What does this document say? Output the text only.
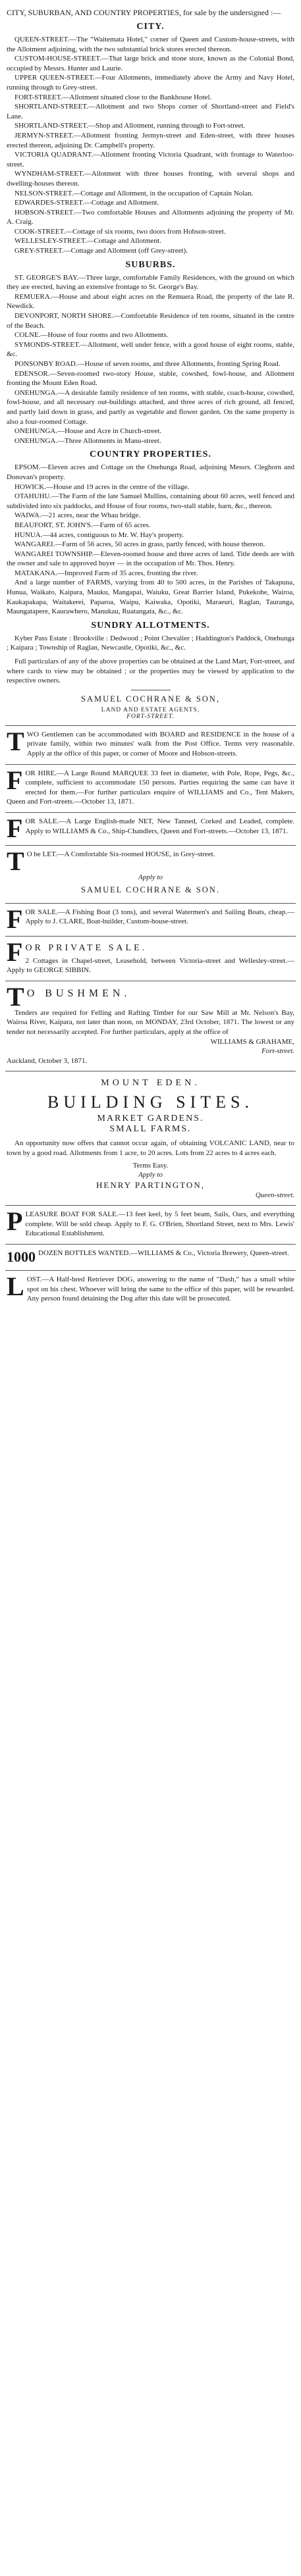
CITY, SUBURBAN, AND COUNTRY PROPERTIES, for sale by the undersigned :—

CITY.

QUEEN-STREET.—The "Waitemata Hotel," corner of Queen and Custom-house-streets, with the Allotment adjoining, with the two substantial brick stores erected thereon.

CUSTOM-HOUSE-STREET.—That large brick and stone store, known as the Colonial Bond, occupied by Messrs. Hunter and Laurie.

UPPER QUEEN-STREET.—Four Allotments, immediately above the Army and Navy Hotel, running through to Grey-street.

FORT-STREET.—Allotment situated close to the Bankhouse Hotel.

SHORTLAND-STREET.—Allotment and two Shops corner of Shortland-street and Field's Lane.

SHORTLAND-STREET.—Shop and Allotment, running through to Fort-street.

JERMYN-STREET.—Allotment fronting Jermyn-street and Eden-street, with three houses erected thereon, adjoining Dr. Campbell's property.

VICTORIA QUADRANT.—Allotment fronting Victoria Quadrant, with frontage to Waterloo-street.

WYNDHAM-STREET.—Allotment with three houses fronting, with several shops and dwelling-houses thereon.

NELSON-STREET.—Cottage and Allotment, in the occupation of Captain Nolan.

EDWARDES-STREET.—Cottage and Allotment.

HOBSON-STREET.—Two comfortable Houses and Allotments adjoining the property of Mr. A. Craig.

COOK-STREET.—Cottage of six rooms, two doors from Hobson-street.

WELLESLEY-STREET.—Cottage and Allotment.

GREY-STREET.—Cottage and Allotment (off Grey-street).

SUBURBS.

ST. GEORGE'S BAY.—Three large, comfortable Family Residences, with the ground on which they are erected, having an extensive frontage to St. George's Bay.

REMUERA.—House and about eight acres on the Remuera Road, the property of the late R. Newdick.

DEVONPORT, NORTH SHORE.—Comfortable Residence of ten rooms, situated in the centre of the Beach.

COLNE.—House of four rooms and two Allotments.

SYMONDS-STREET.—Allotment, well under fence, with a good house of eight rooms, stable, &c.

PONSONBY ROAD.—House of seven rooms, and three Allotments, fronting Spring Road.

EDENSOR.—Seven-roomed two-story House, stable, cowshed, fowl-house, and Allotment fronting the Mount Eden Road.

ONEHUNGA.—A desirable family residence of ten rooms, with stable, coach-house, cowshed, fowl-house, and all necessary out-buildings attached, and three acres of rich ground, all fenced, and partly laid down in grass, and partly as vegetable and flower garden. On the same property is also a four-roomed Cottage.

ONEHUNGA.—House and Acre in Church-street.

ONEHUNGA.—Three Allotments in Manu-street.

COUNTRY PROPERTIES.

EPSOM.—Eleven acres and Cottage on the Onehunga Road, adjoining Messrs. Cleghorn and Donovan's property.

HOWICK.—House and 19 acres in the centre of the village.

OTAHUHU.—The Farm of the late Samuel Mullins, containing about 60 acres, well fenced and subdivided into six paddocks, and House of four rooms, two-stall stable, barn, &c., thereon.

WAIWA.—21 acres, near the Whau bridge.

BEAUFORT, ST. JOHN'S.—Farm of 65 acres.

HUNUA.—44 acres, contiguous to Mr. W. Hay's property.

WANGAREI.—Farm of 56 acres, 50 acres in grass, partly fenced, with house thereon.

WANGAREI TOWNSHIP.—Eleven-roomed house and three acres of land. Title deeds are with the owner and sale to approved buyer — in the occupation of Mr. Thos. Henry.

MATAKANA.—Improved Farm of 35 acres, fronting the river.

And a large number of FARMS, varying from 40 to 500 acres, in the Parishes of Takapuna, Hunua, Waikato, Kaipara, Mauku, Mangapai, Waiuku, Great Barrier Island, Pukekohe, Wairoa, Kaukapakapa, Waitakerei, Paparoa, Waipu, Kaiwaka, Opotiki, Maraeuri, Raglan, Tauranga, Maungatapere, Kaurawhero, Manukau, Ruatangata, &c., &c.

SUNDRY ALLOTMENTS.

Kyber Pass Estate : Brookville : Dedwood ; Point Chevalier ; Haddington's Paddock, Onehunga ; Kaipara ; Township of Raglan, Newcastle, Opotiki, &c., &c.

Full particulars of any of the above properties can be obtained at the Land Mart, Fort-street, and where cards to view may be obtained ; or the properties may be viewed by application to the respective owners.

SAMUEL COCHRANE & SON,
LAND AND ESTATE AGENTS,
FORT-STREET.
T WO Gentlemen can be accommodated with BOARD and RESIDENCE in the house of a private family, within two minutes' walk from the Post Office. Terms very reasonable. Apply at the office of this paper, or corner of Moore and Hobson-streets.

F OR HIRE.—A Large Round MARQUEE 33 feet in diameter, with Pole, Rope, Pegs, &c., complete, sufficient to accommodate 150 persons. Parties requiring the same can have it erected for them.—For further particulars enquire of WILLIAMS and Co., Tent Makers, Queen and Fort-streets.—October 13, 1871.

F OR SALE.—A Large English-made NET, New Tanned, Corked and Leaded, complete. Apply to WILLIAMS & Co., Ship-Chandlers, Queen and Fort-streets.—October 13, 1871.

T O be LET.—A Comfortable Six-roomed HOUSE, in Grey-street.

Apply to

SAMUEL COCHRANE & SON.
F OR SALE.—A Fishing Boat (3 tons), and several Watermen's and Sailing Boats, cheap.—Apply to J. CLARE, Boat-builder, Custom-house-street.

F OR PRIVATE SALE.

2 Cottages in Chapel-street, Leasehold, between Victoria-street and Wellesley-street.—Apply to GEORGE SIBBIN.

T O BUSHMEN.

Tenders are required for Felling and Rafting Timber for our Saw Mill at Mr. Nelson's Bay, Wairoa River, Kaipara, not later than noon, on MONDAY, 23rd October, 1871. The lowest or any tender not necessarily accepted. For further particulars, apply at the office of

WILLIAMS & GRAHAME,

Fort-street.

Auckland, October 3, 1871.

MOUNT EDEN.
BUILDING SITES.
MARKET GARDENS.
SMALL FARMS.

An opportunity now offers that cannot occur again, of obtaining VOLCANIC LAND, near to town by a good road. Allotments from 1 acre, to 20 acres. Lots from 22 acres to 4 acres each.

Terms Easy.

Apply to

HENRY PARTINGTON,

Queen-street.

P LEASURE BOAT FOR SALE.—13 feet keel, by 5 feet beam, Sails, Oars, and everything complete. Will be sold cheap. Apply to F. G. O'Brien, Shortland Street, next to Mrs. Lewis' Educational Establishment.

1000 DOZEN BOTTLES WANTED.—WILLIAMS & Co., Victoria Brewery, Queen-street.

L OST.—A Half-bred Retriever DOG, answering to the name of "Dash," has a small white spot on his chest. Whoever will bring the same to the office of this paper, will be rewarded. Any person found detaining the Dog after this date will be prosecuted.
